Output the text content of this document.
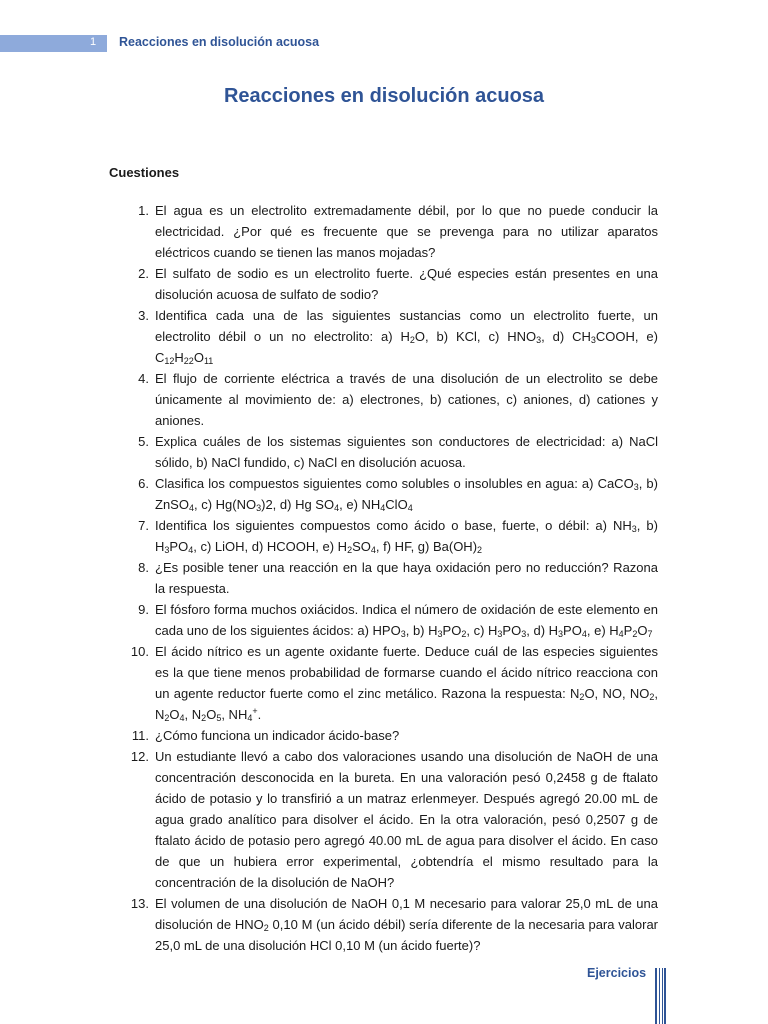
1 Reacciones en disolución acuosa
Reacciones en disolución acuosa
Cuestiones
1. El agua es un electrolito extremadamente débil, por lo que no puede conducir la electricidad. ¿Por qué es frecuente que se prevenga para no utilizar aparatos eléctricos cuando se tienen las manos mojadas?
2. El sulfato de sodio es un electrolito fuerte. ¿Qué especies están presentes en una disolución acuosa de sulfato de sodio?
3. Identifica cada una de las siguientes sustancias como un electrolito fuerte, un electrolito débil o un no electrolito: a) $H_2O$, b) KCl, c) $HNO_3$, d) $CH_3COOH$, e) $C_{12}H_{22}O_{11}$
4. El flujo de corriente eléctrica a través de una disolución de un electrolito se debe únicamente al movimiento de: a) electrones, b) cationes, c) aniones, d) cationes y aniones.
5. Explica cuáles de los sistemas siguientes son conductores de electricidad: a) NaCl sólido, b) NaCl fundido, c) NaCl en disolución acuosa.
6. Clasifica los compuestos siguientes como solubles o insolubles en agua: a) CaCO$_3$, b) ZnSO$_4$, c) $Hg(NO_3)2$, d) Hg $SO_4$, e) $NH_4ClO_4$
7. Identifica los siguientes compuestos como ácido o base, fuerte, o débil: a) $NH_3$, b) $H_3PO_4$, c) LiOH, d) HCOOH, e) $H_2SO_4$, f) HF, g) $Ba(OH)_2$
8. ¿Es posible tener una reacción en la que haya oxidación pero no reducción? Razona la respuesta.
9. El fósforo forma muchos oxiácidos. Indica el número de oxidación de este elemento en cada uno de los siguientes ácidos: a) $HPO_3$, b) $H_3PO_2$, c) $H_3PO_3$, d) $H_3PO_4$, e) $H_4P_2O_7$
10. El ácido nítrico es un agente oxidante fuerte. Deduce cuál de las especies siguientes es la que tiene menos probabilidad de formarse cuando el ácido nítrico reacciona con un agente reductor fuerte como el zinc metálico. Razona la respuesta: $N_2O$, NO, $NO_2$, $N_2O_4$, $N_2O_5$, $NH_4^+$.
11. ¿Cómo funciona un indicador ácido-base?
12. Un estudiante llevó a cabo dos valoraciones usando una disolución de NaOH de una concentración desconocida en la bureta. En una valoración pesó 0,2458 g de ftalato ácido de potasio y lo transfirió a un matraz erlenmeyer. Después agregó 20.00 mL de agua grado analítico para disolver el ácido. En la otra valoración, pesó 0,2507 g de ftalato ácido de potasio pero agregó 40.00 mL de agua para disolver el ácido. En caso de que un hubiera error experimental, ¿obtendría el mismo resultado para la concentración de la disolución de NaOH?
13. El volumen de una disolución de NaOH 0,1 M necesario para valorar 25,0 mL de una disolución de $HNO_2$ 0,10 M (un ácido débil) sería diferente de la necesaria para valorar 25,0 mL de una disolución HCl 0,10 M (un ácido fuerte)?
Ejercicios
